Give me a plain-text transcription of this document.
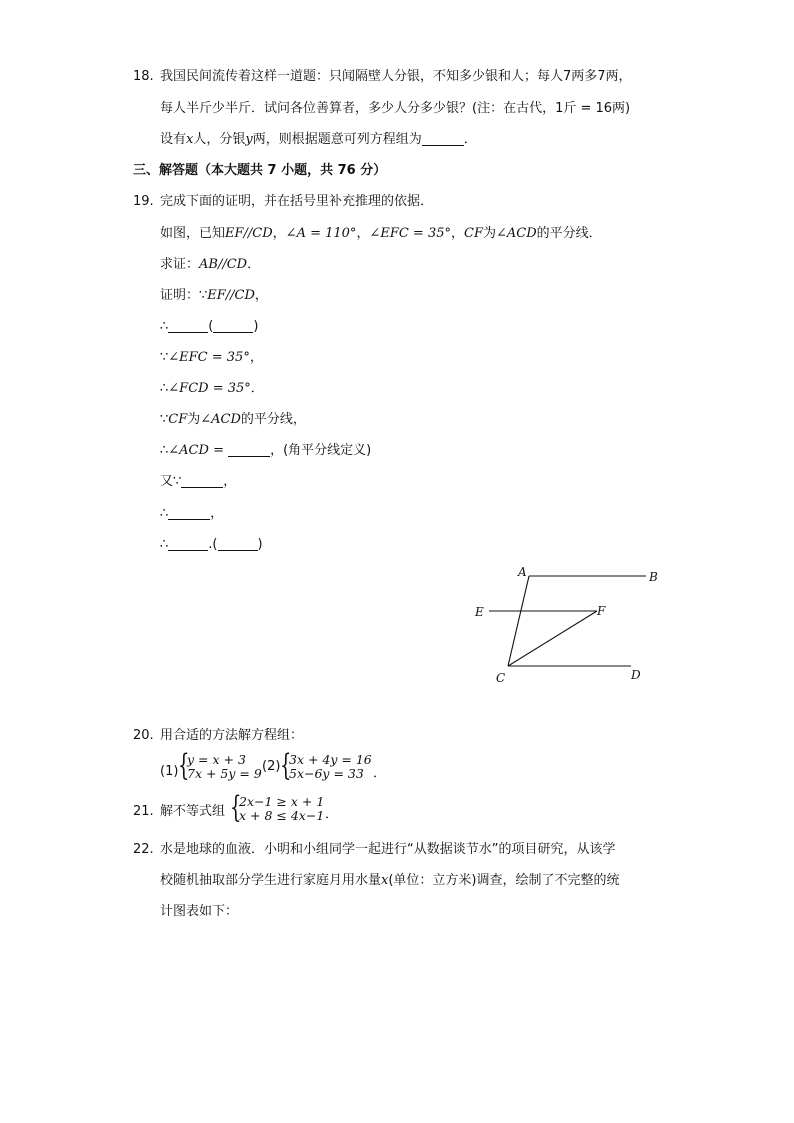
18. 我国民间流传着这样一道题：只闻隔壁人分银，不知多少银和人；每人7两多7两，
每人半斤少半斤．试问各位善算者，多少人分多少银？(注：在古代，1斤 = 16两)
设有x人，分银y两，则根据题意可列方程组为	．
三、解答题（本大题共 7 小题，共 76 分）
19. 完成下面的证明，并在括号里补充推理的依据．
如图，已知EF//CD，∠A = 110°，∠EFC = 35°，CF为∠ACD的平分线．
求证：AB//CD．
证明：∵EF//CD，
∴	(	)
∵∠EFC = 35°，
∴∠FCD = 35°．
∵CF为∠ACD的平分线，
∴∠ACD =	，(角平分线定义)
又∵	，
∴	，
∴	.(	)
A	B
E	F
C	D
20. 用合适的方法解方程组：
(1) {
y = x + 3
7x + 5y = 9 (2) {
3x + 4y = 16
5x−6y = 33 ．
21. 解不等式组 {
2x−1 ≥ x + 1
x + 8 ≤ 4x−1 ．
22. 水是地球的血液．小明和小组同学一起进行“从数据谈节水”的项目研究，从该学
校随机抽取部分学生进行家庭月用水量x(单位：立方米)调查，绘制了不完整的统
计图表如下：
